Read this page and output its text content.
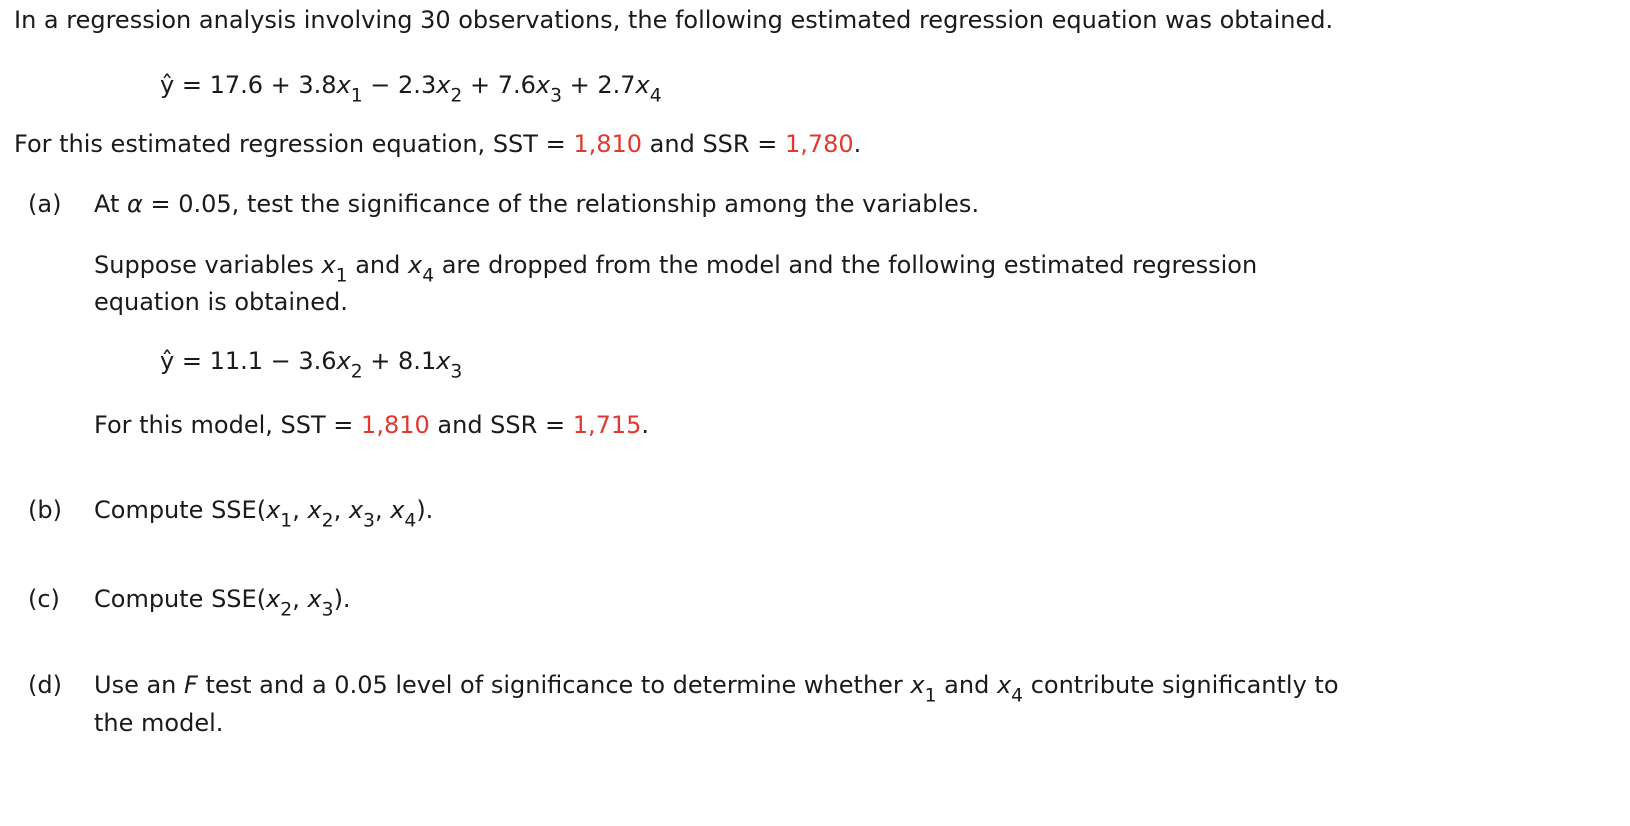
In a regression analysis involving 30 observations, the following estimated regression equation was obtained.
ŷ = $17.6 + 3.8x_1 - 2.3x_2 + 7.6x_3 + 2.7x_4$
For this estimated regression equation, SST = 1,810 and SSR = 1,780.
(a) At α = 0.05, test the significance of the relationship among the variables.
Suppose variables $x_1$ and $x_4$ are dropped from the model and the following estimated regression
equation is obtained.
ŷ = $11.1 - 3.6x_2 + 8.1x_3$
For this model, SST = 1,810 and SSR = 1,715.
(b) Compute $SSE(x_1$, $x_2$, $x_3$, $x_4$).
(c) Compute $SSE(x_2$, $x_3$).
(d) Use an F test and a 0.05 level of significance to determine whether $x_1$ and $x_4$ contribute significantly to
the model.
